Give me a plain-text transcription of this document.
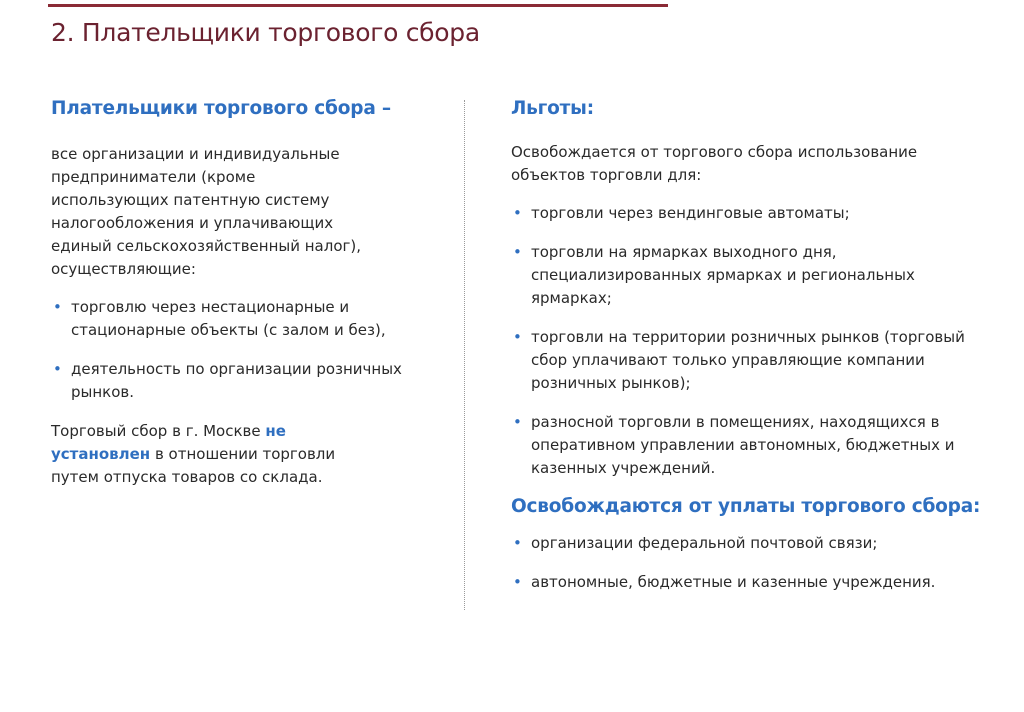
2. Плательщики торгового сбора
Плательщики торгового сбора –

все организации и индивидуальные предприниматели (кроме использующих патентную систему налогообложения и уплачивающих единый сельскохозяйственный налог), осуществляющие:

• торговлю через нестационарные и стационарные объекты (с залом и без),
• деятельность по организации розничных рынков.

Торговый сбор в г. Москве не установлен в отношении торговли путем отпуска товаров со склада.

Льготы:

Освобождается от торгового сбора использование объектов торговли для:

• торговли через вендинговые автоматы;
• торговли на ярмарках выходного дня, специализированных ярмарках и региональных ярмарках;
• торговли на территории розничных рынков (торговый сбор уплачивают только управляющие компании розничных рынков);
• разносной торговли в помещениях, находящихся в оперативном управлении автономных, бюджетных и казенных учреждений.
Освобождаются от уплаты торгового сбора:
• организации федеральной почтовой связи;
• автономные, бюджетные и казенные учреждения.
